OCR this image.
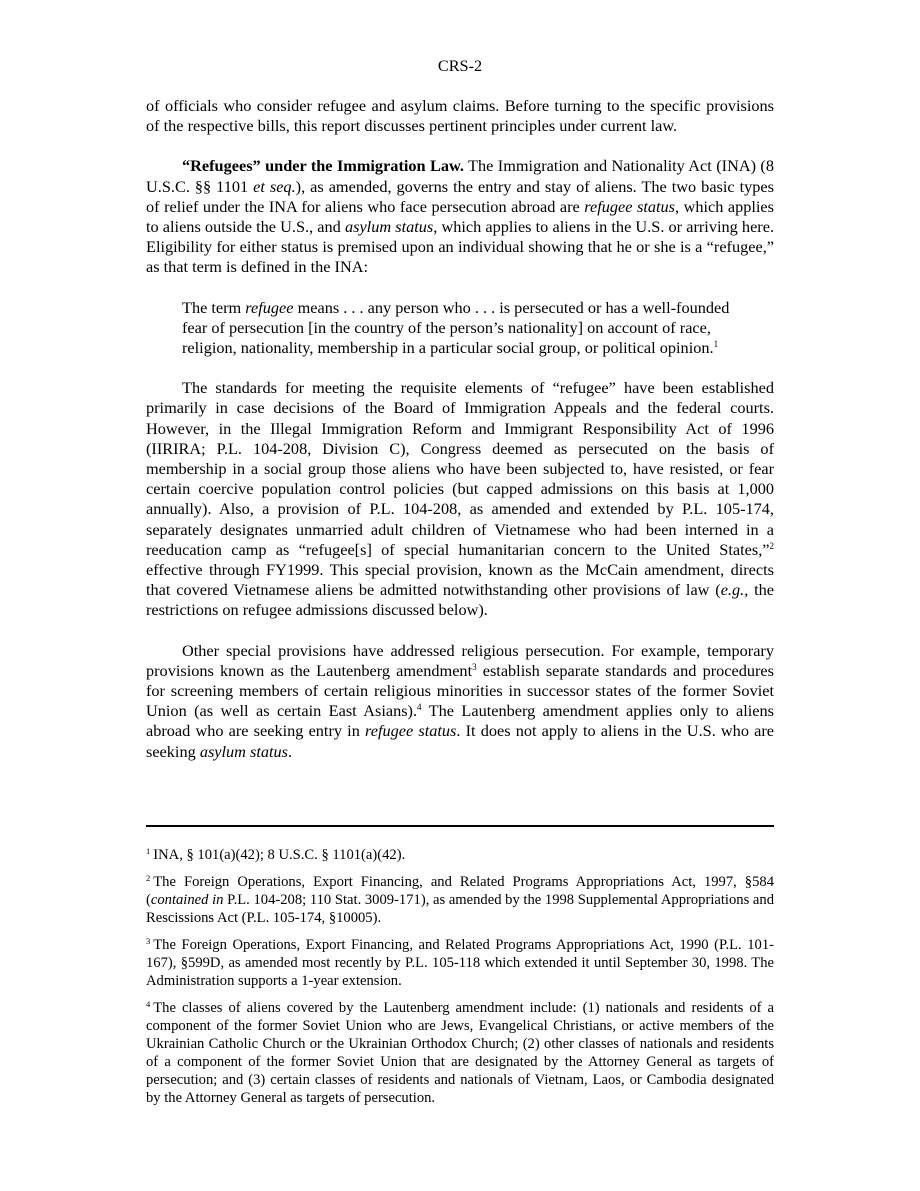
CRS-2

of officials who consider refugee and asylum claims. Before turning to the specific provisions of the respective bills, this report discusses pertinent principles under current law.

“Refugees” under the Immigration Law. The Immigration and Nationality Act (INA) (8 U.S.C. §§ 1101 et seq.), as amended, governs the entry and stay of aliens. The two basic types of relief under the INA for aliens who face persecution abroad are refugee status, which applies to aliens outside the U.S., and asylum status, which applies to aliens in the U.S. or arriving here. Eligibility for either status is premised upon an individual showing that he or she is a “refugee,” as that term is defined in the INA:

The term refugee means . . . any person who . . . is persecuted or has a well-founded fear of persecution [in the country of the person’s nationality] on account of race, religion, nationality, membership in a particular social group, or political opinion.$^1$

The standards for meeting the requisite elements of “refugee” have been established primarily in case decisions of the Board of Immigration Appeals and the federal courts. However, in the Illegal Immigration Reform and Immigrant Responsibility Act of 1996 (IIRIRA; P.L. 104-208, Division C), Congress deemed as persecuted on the basis of membership in a social group those aliens who have been subjected to, have resisted, or fear certain coercive population control policies (but capped admissions on this basis at 1,000 annually). Also, a provision of P.L. 104-208, as amended and extended by P.L. 105-174, separately designates unmarried adult children of Vietnamese who had been interned in a reeducation camp as “refugee[s] of special humanitarian concern to the United States,”$^2$ effective through FY1999. This special provision, known as the McCain amendment, directs that covered Vietnamese aliens be admitted notwithstanding other provisions of law (e.g., the restrictions on refugee admissions discussed below).

Other special provisions have addressed religious persecution. For example, temporary provisions known as the Lautenberg amendment$^3$ establish separate standards and procedures for screening members of certain religious minorities in successor states of the former Soviet Union (as well as certain East Asians).$^4$ The Lautenberg amendment applies only to aliens abroad who are seeking entry in refugee status. It does not apply to aliens in the U.S. who are seeking asylum status.

$^1$ INA, § 101(a)(42); 8 U.S.C. § 1101(a)(42).

$^2$ The Foreign Operations, Export Financing, and Related Programs Appropriations Act, 1997, §584 (contained in P.L. 104-208; 110 Stat. 3009-171), as amended by the 1998 Supplemental Appropriations and Rescissions Act (P.L. 105-174, §10005).

$^3$ The Foreign Operations, Export Financing, and Related Programs Appropriations Act, 1990 (P.L. 101-167), §599D, as amended most recently by P.L. 105-118 which extended it until September 30, 1998. The Administration supports a 1-year extension.

$^4$ The classes of aliens covered by the Lautenberg amendment include: (1) nationals and residents of a component of the former Soviet Union who are Jews, Evangelical Christians, or active members of the Ukrainian Catholic Church or the Ukrainian Orthodox Church; (2) other classes of nationals and residents of a component of the former Soviet Union that are designated by the Attorney General as targets of persecution; and (3) certain classes of residents and nationals of Vietnam, Laos, or Cambodia designated by the Attorney General as targets of persecution.
